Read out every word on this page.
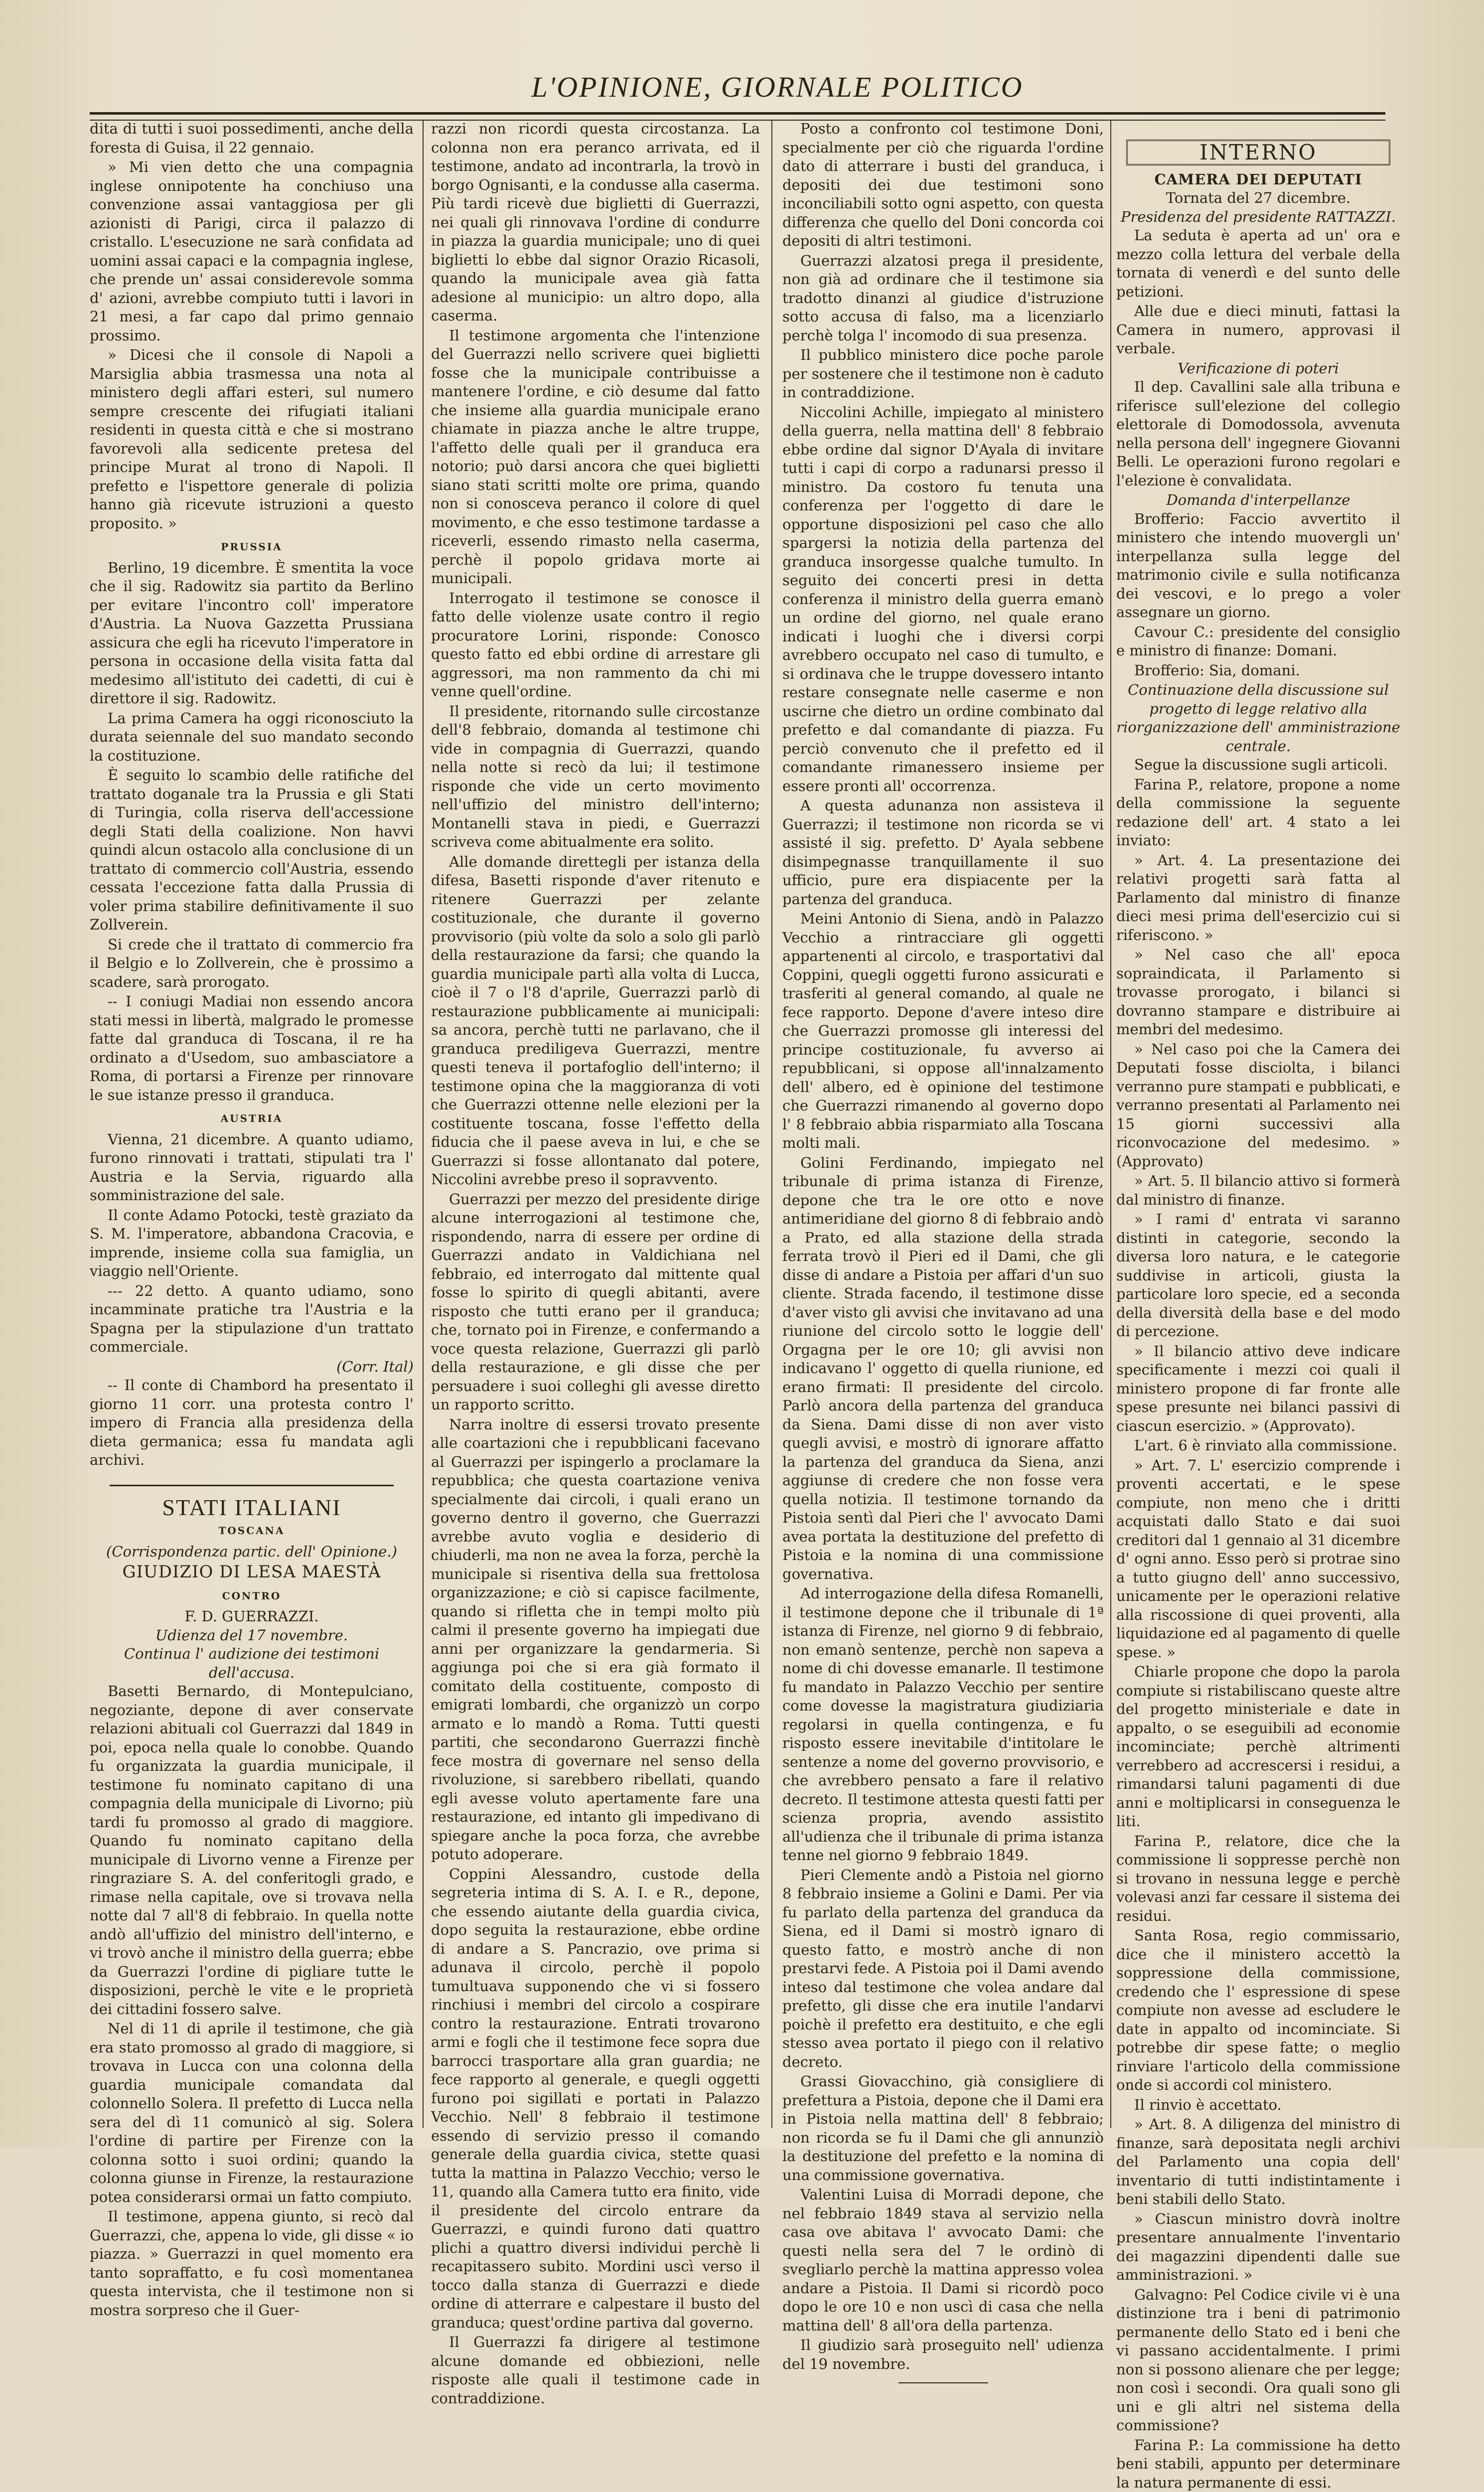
L'OPINIONE, GIORNALE POLITICO

dita di tutti i suoi possedimenti, anche della foresta di Guisa, il 22 gennaio.

» Mi vien detto che una compagnia inglese onnipotente ha conchiuso una convenzione assai vantaggiosa per gli azionisti di Parigi, circa il palazzo di cristallo. L'esecuzione ne sarà confidata ad uomini assai capaci e la compagnia inglese, che prende un' assai considerevole somma d' azioni, avrebbe compiuto tutti i lavori in 21 mesi, a far capo dal primo gennaio prossimo.

» Dicesi che il console di Napoli a Marsiglia abbia trasmessa una nota al ministero degli affari esteri, sul numero sempre crescente dei rifugiati italiani residenti in questa città e che si mostrano favorevoli alla sedicente pretesa del principe Murat al trono di Napoli. Il prefetto e l'ispettore generale di polizia hanno già ricevute istruzioni a questo proposito. »

PRUSSIA

Berlino, 19 dicembre. È smentita la voce che il sig. Radowitz sia partito da Berlino per evitare l'incontro coll' imperatore d'Austria. La Nuova Gazzetta Prussiana assicura che egli ha ricevuto l'imperatore in persona in occasione della visita fatta dal medesimo all'istituto dei cadetti, di cui è direttore il sig. Radowitz.

La prima Camera ha oggi riconosciuto la durata seiennale del suo mandato secondo la costituzione.

È seguito lo scambio delle ratifiche del trattato doganale tra la Prussia e gli Stati di Turingia, colla riserva dell'accessione degli Stati della coalizione. Non havvi quindi alcun ostacolo alla conclusione di un trattato di commercio coll'Austria, essendo cessata l'eccezione fatta dalla Prussia di voler prima stabilire definitivamente il suo Zollverein.

Si crede che il trattato di commercio fra il Belgio e lo Zollverein, che è prossimo a scadere, sarà prorogato.

-- I coniugi Madiai non essendo ancora stati messi in libertà, malgrado le promesse fatte dal granduca di Toscana, il re ha ordinato a d'Usedom, suo ambasciatore a Roma, di portarsi a Firenze per rinnovare le sue istanze presso il granduca.

AUSTRIA

Vienna, 21 dicembre. A quanto udiamo, furono rinnovati i trattati, stipulati tra l' Austria e la Servia, riguardo alla somministrazione del sale.

Il conte Adamo Potocki, testè graziato da S. M. l'imperatore, abbandona Cracovia, e imprende, insieme colla sua famiglia, un viaggio nell'Oriente.

--- 22 detto. A quanto udiamo, sono incamminate pratiche tra l'Austria e la Spagna per la stipulazione d'un trattato commerciale.

(Corr. Ital)

-- Il conte di Chambord ha presentato il giorno 11 corr. una protesta contro l' impero di Francia alla presidenza della dieta germanica; essa fu mandata agli archivi.

STATI ITALIANI
TOSCANA
(Corrispondenza partic. dell' Opinione.)
GIUDIZIO DI LESA MAESTÀ
CONTRO
F. D. GUERRAZZI.
Udienza del 17 novembre.
Continua l' audizione dei testimoni dell'accusa.

Basetti Bernardo, di Montepulciano, negoziante, depone di aver conservate relazioni abituali col Guerrazzi dal 1849 in poi, epoca nella quale lo conobbe. Quando fu organizzata la guardia municipale, il testimone fu nominato capitano di una compagnia della municipale di Livorno; più tardi fu promosso al grado di maggiore. Quando fu nominato capitano della municipale di Livorno venne a Firenze per ringraziare S. A. del conferitogli grado, e rimase nella capitale, ove si trovava nella notte dal 7 all'8 di febbraio. In quella notte andò all'uffizio del ministro dell'interno, e vi trovò anche il ministro della guerra; ebbe da Guerrazzi l'ordine di pigliare tutte le disposizioni, perchè le vite e le proprietà dei cittadini fossero salve.

Nel di 11 di aprile il testimone, che già era stato promosso al grado di maggiore, si trovava in Lucca con una colonna della guardia municipale comandata dal colonnello Solera. Il prefetto di Lucca nella sera del dì 11 comunicò al sig. Solera l'ordine di partire per Firenze con la colonna sotto i suoi ordini; quando la colonna giunse in Firenze, la restaurazione potea considerarsi ormai un fatto compiuto.

Il testimone, appena giunto, si recò dal Guerrazzi, che, appena lo vide, gli disse « io piazza. » Guerrazzi in quel momento era tanto sopraffatto, e fu così momentanea questa intervista, che il testimone non si mostra sorpreso che il Guer-

razzi non ricordi questa circostanza. La colonna non era peranco arrivata, ed il testimone, andato ad incontrarla, la trovò in borgo Ognisanti, e la condusse alla caserma. Più tardi ricevè due biglietti di Guerrazzi, nei quali gli rinnovava l'ordine di condurre in piazza la guardia municipale; uno di quei biglietti lo ebbe dal signor Orazio Ricasoli, quando la municipale avea già fatta adesione al municipio: un altro dopo, alla caserma.

Il testimone argomenta che l'intenzione del Guerrazzi nello scrivere quei biglietti fosse che la municipale contribuisse a mantenere l'ordine, e ciò desume dal fatto che insieme alla guardia municipale erano chiamate in piazza anche le altre truppe, l'affetto delle quali per il granduca era notorio; può darsi ancora che quei biglietti siano stati scritti molte ore prima, quando non si conosceva peranco il colore di quel movimento, e che esso testimone tardasse a riceverli, essendo rimasto nella caserma, perchè il popolo gridava morte ai municipali.

Interrogato il testimone se conosce il fatto delle violenze usate contro il regio procuratore Lorini, risponde: Conosco questo fatto ed ebbi ordine di arrestare gli aggressori, ma non rammento da chi mi venne quell'ordine.

Il presidente, ritornando sulle circostanze dell'8 febbraio, domanda al testimone chi vide in compagnia di Guerrazzi, quando nella notte si recò da lui; il testimone risponde che vide un certo movimento nell'uffizio del ministro dell'interno; Montanelli stava in piedi, e Guerrazzi scriveva come abitualmente era solito.

Alle domande direttegli per istanza della difesa, Basetti risponde d'aver ritenuto e ritenere Guerrazzi per zelante costituzionale, che durante il governo provvisorio (più volte da solo a solo gli parlò della restaurazione da farsi; che quando la guardia municipale partì alla volta di Lucca, cioè il 7 o l'8 d'aprile, Guerrazzi parlò di restaurazione pubblicamente ai municipali: sa ancora, perchè tutti ne parlavano, che il granduca prediligeva Guerrazzi, mentre questi teneva il portafoglio dell'interno; il testimone opina che la maggioranza di voti che Guerrazzi ottenne nelle elezioni per la costituente toscana, fosse l'effetto della fiducia che il paese aveva in lui, e che se Guerrazzi si fosse allontanato dal potere, Niccolini avrebbe preso il sopravvento.

Guerrazzi per mezzo del presidente dirige alcune interrogazioni al testimone che, rispondendo, narra di essere per ordine di Guerrazzi andato in Valdichiana nel febbraio, ed interrogato dal mittente qual fosse lo spirito di quegli abitanti, avere risposto che tutti erano per il granduca; che, tornato poi in Firenze, e confermando a voce questa relazione, Guerrazzi gli parlò della restaurazione, e gli disse che per persuadere i suoi colleghi gli avesse diretto un rapporto scritto.

Narra inoltre di essersi trovato presente alle coartazioni che i repubblicani facevano al Guerrazzi per ispingerlo a proclamare la repubblica; che questa coartazione veniva specialmente dai circoli, i quali erano un governo dentro il governo, che Guerrazzi avrebbe avuto voglia e desiderio di chiuderli, ma non ne avea la forza, perchè la municipale si risentiva della sua frettolosa organizzazione; e ciò si capisce facilmente, quando si rifletta che in tempi molto più calmi il presente governo ha impiegati due anni per organizzare la gendarmeria. Si aggiunga poi che si era già formato il comitato della costituente, composto di emigrati lombardi, che organizzò un corpo armato e lo mandò a Roma. Tutti questi partiti, che secondarono Guerrazzi finchè fece mostra di governare nel senso della rivoluzione, si sarebbero ribellati, quando egli avesse voluto apertamente fare una restaurazione, ed intanto gli impedivano di spiegare anche la poca forza, che avrebbe potuto adoperare.

Coppini Alessandro, custode della segreteria intima di S. A. I. e R., depone, che essendo aiutante della guardia civica, dopo seguita la restaurazione, ebbe ordine di andare a S. Pancrazio, ove prima si adunava il circolo, perchè il popolo tumultuava supponendo che vi si fossero rinchiusi i membri del circolo a cospirare contro la restaurazione. Entrati trovarono armi e fogli che il testimone fece sopra due barrocci trasportare alla gran guardia; ne fece rapporto al generale, e quegli oggetti furono poi sigillati e portati in Palazzo Vecchio. Nell' 8 febbraio il testimone essendo di servizio presso il comando generale della guardia civica, stette quasi tutta la mattina in Palazzo Vecchio; verso le 11, quando alla Camera tutto era finito, vide il presidente del circolo entrare da Guerrazzi, e quindi furono dati quattro plichi a quattro diversi individui perchè li recapitassero subito. Mordini uscì verso il tocco dalla stanza di Guerrazzi e diede ordine di atterrare e calpestare il busto del granduca; quest'ordine partiva dal governo.

Il Guerrazzi fa dirigere al testimone alcune domande ed obbiezioni, nelle risposte alle quali il testimone cade in contraddizione.

Posto a confronto col testimone Doni, specialmente per ciò che riguarda l'ordine dato di atterrare i busti del granduca, i depositi dei due testimoni sono inconciliabili sotto ogni aspetto, con questa differenza che quello del Doni concorda coi depositi di altri testimoni.

Guerrazzi alzatosi prega il presidente, non già ad ordinare che il testimone sia tradotto dinanzi al giudice d'istruzione sotto accusa di falso, ma a licenziarlo perchè tolga l' incomodo di sua presenza.

Il pubblico ministero dice poche parole per sostenere che il testimone non è caduto in contraddizione.

Niccolini Achille, impiegato al ministero della guerra, nella mattina dell' 8 febbraio ebbe ordine dal signor D'Ayala di invitare tutti i capi di corpo a radunarsi presso il ministro. Da costoro fu tenuta una conferenza per l'oggetto di dare le opportune disposizioni pel caso che allo spargersi la notizia della partenza del granduca insorgesse qualche tumulto. In seguito dei concerti presi in detta conferenza il ministro della guerra emanò un ordine del giorno, nel quale erano indicati i luoghi che i diversi corpi avrebbero occupato nel caso di tumulto, e si ordinava che le truppe dovessero intanto restare consegnate nelle caserme e non uscirne che dietro un ordine combinato dal prefetto e dal comandante di piazza. Fu perciò convenuto che il prefetto ed il comandante rimanessero insieme per essere pronti all' occorrenza.

A questa adunanza non assisteva il Guerrazzi; il testimone non ricorda se vi assisté il sig. prefetto. D' Ayala sebbene disimpegnasse tranquillamente il suo ufficio, pure era dispiacente per la partenza del granduca.

Meini Antonio di Siena, andò in Palazzo Vecchio a rintracciare gli oggetti appartenenti al circolo, e trasportativi dal Coppini, quegli oggetti furono assicurati e trasferiti al general comando, al quale ne fece rapporto. Depone d'avere inteso dire che Guerrazzi promosse gli interessi del principe costituzionale, fu avverso ai repubblicani, si oppose all'innalzamento dell' albero, ed è opinione del testimone che Guerrazzi rimanendo al governo dopo l' 8 febbraio abbia risparmiato alla Toscana molti mali.

Golini Ferdinando, impiegato nel tribunale di prima istanza di Firenze, depone che tra le ore otto e nove antimeridiane del giorno 8 di febbraio andò a Prato, ed alla stazione della strada ferrata trovò il Pieri ed il Dami, che gli disse di andare a Pistoia per affari d'un suo cliente. Strada facendo, il testimone disse d'aver visto gli avvisi che invitavano ad una riunione del circolo sotto le loggie dell' Orgagna per le ore 10; gli avvisi non indicavano l' oggetto di quella riunione, ed erano firmati: Il presidente del circolo. Parlò ancora della partenza del granduca da Siena. Dami disse di non aver visto quegli avvisi, e mostrò di ignorare affatto la partenza del granduca da Siena, anzi aggiunse di credere che non fosse vera quella notizia. Il testimone tornando da Pistoia sentì dal Pieri che l' avvocato Dami avea portata la destituzione del prefetto di Pistoia e la nomina di una commissione governativa.

Ad interrogazione della difesa Romanelli, il testimone depone che il tribunale di 1ª istanza di Firenze, nel giorno 9 di febbraio, non emanò sentenze, perchè non sapeva a nome di chi dovesse emanarle. Il testimone fu mandato in Palazzo Vecchio per sentire come dovesse la magistratura giudiziaria regolarsi in quella contingenza, e fu risposto essere inevitabile d'intitolare le sentenze a nome del governo provvisorio, e che avrebbero pensato a fare il relativo decreto. Il testimone attesta questi fatti per scienza propria, avendo assistito all'udienza che il tribunale di prima istanza tenne nel giorno 9 febbraio 1849.

Pieri Clemente andò a Pistoia nel giorno 8 febbraio insieme a Golini e Dami. Per via fu parlato della partenza del granduca da Siena, ed il Dami si mostrò ignaro di questo fatto, e mostrò anche di non prestarvi fede. A Pistoia poi il Dami avendo inteso dal testimone che volea andare dal prefetto, gli disse che era inutile l'andarvi poichè il prefetto era destituito, e che egli stesso avea portato il piego con il relativo decreto.

Grassi Giovacchino, già consigliere di prefettura a Pistoia, depone che il Dami era in Pistoia nella mattina dell' 8 febbraio; non ricorda se fu il Dami che gli annunziò la destituzione del prefetto e la nomina di una commissione governativa.

Valentini Luisa di Morradi depone, che nel febbraio 1849 stava al servizio nella casa ove abitava l' avvocato Dami: che questi nella sera del 7 le ordinò di svegliarlo perchè la mattina appresso volea andare a Pistoia. Il Dami si ricordò poco dopo le ore 10 e non uscì di casa che nella mattina dell' 8 all'ora della partenza.

Il giudizio sarà proseguito nell' udienza del 19 novembre.

INTERNO
CAMERA DEI DEPUTATI
Tornata del 27 dicembre.
Presidenza del presidente RATTAZZI.

La seduta è aperta ad un' ora e mezzo colla lettura del verbale della tornata di venerdì e del sunto delle petizioni.

Alle due e dieci minuti, fattasi la Camera in numero, approvasi il verbale.

Verificazione di poteri

Il dep. Cavallini sale alla tribuna e riferisce sull'elezione del collegio elettorale di Domodossola, avvenuta nella persona dell' ingegnere Giovanni Belli. Le operazioni furono regolari e l'elezione è convalidata.

Domanda d'interpellanze

Brofferio: Faccio avvertito il ministero che intendo muovergli un' interpellanza sulla legge del matrimonio civile e sulla notificanza dei vescovi, e lo prego a voler assegnare un giorno.

Cavour C.: presidente del consiglio e ministro di finanze: Domani.

Brofferio: Sia, domani.

Continuazione della discussione sul progetto di legge relativo alla riorganizzazione dell' amministrazione centrale.

Segue la discussione sugli articoli.

Farina P., relatore, propone a nome della commissione la seguente redazione dell' art. 4 stato a lei inviato:

» Art. 4. La presentazione dei relativi progetti sarà fatta al Parlamento dal ministro di finanze dieci mesi prima dell'esercizio cui si riferiscono. »

» Nel caso che all' epoca sopraindicata, il Parlamento si trovasse prorogato, i bilanci si dovranno stampare e distribuire ai membri del medesimo.

» Nel caso poi che la Camera dei Deputati fosse disciolta, i bilanci verranno pure stampati e pubblicati, e verranno presentati al Parlamento nei 15 giorni successivi alla riconvocazione del medesimo. » (Approvato)

» Art. 5. Il bilancio attivo si formerà dal ministro di finanze.

» I rami d' entrata vi saranno distinti in categorie, secondo la diversa loro natura, e le categorie suddivise in articoli, giusta la particolare loro specie, ed a seconda della diversità della base e del modo di percezione.

» Il bilancio attivo deve indicare specificamente i mezzi coi quali il ministero propone di far fronte alle spese presunte nei bilanci passivi di ciascun esercizio. » (Approvato).

L'art. 6 è rinviato alla commissione.

» Art. 7. L' esercizio comprende i proventi accertati, e le spese compiute, non meno che i dritti acquistati dallo Stato e dai suoi creditori dal 1 gennaio al 31 dicembre d' ogni anno. Esso però si protrae sino a tutto giugno dell' anno successivo, unicamente per le operazioni relative alla riscossione di quei proventi, alla liquidazione ed al pagamento di quelle spese. »

Chiarle propone che dopo la parola compiute si ristabiliscano queste altre del progetto ministeriale e date in appalto, o se eseguibili ad economie incominciate; perchè altrimenti verrebbero ad accrescersi i residui, a rimandarsi taluni pagamenti di due anni e moltiplicarsi in conseguenza le liti.

Farina P., relatore, dice che la commissione li soppresse perchè non si trovano in nessuna legge e perchè volevasi anzi far cessare il sistema dei residui.

Santa Rosa, regio commissario, dice che il ministero accettò la soppressione della commissione, credendo che l' espressione di spese compiute non avesse ad escludere le date in appalto od incominciate. Si potrebbe dir spese fatte; o meglio rinviare l'articolo della commissione onde si accordi col ministero.

Il rinvio è accettato.

» Art. 8. A diligenza del ministro di finanze, sarà depositata negli archivi del Parlamento una copia dell' inventario di tutti indistintamente i beni stabili dello Stato.

» Ciascun ministro dovrà inoltre presentare annualmente l'inventario dei magazzini dipendenti dalle sue amministrazioni. »

Galvagno: Pel Codice civile vi è una distinzione tra i beni di patrimonio permanente dello Stato ed i beni che vi passano accidentalmente. I primi non si possono alienare che per legge; non così i secondi. Ora quali sono gli uni e gli altri nel sistema della commissione?

Farina P.: La commissione ha detto beni stabili, appunto per determinare la natura permanente di essi.
